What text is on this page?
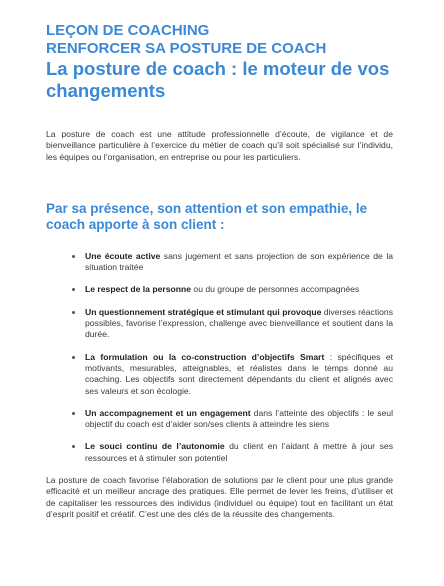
LEÇON DE COACHING
RENFORCER SA POSTURE DE COACH
La posture de coach : le moteur de vos changements

La posture de coach est une attitude professionnelle d’écoute, de vigilance et de bienveillance particulière à l’exercice du métier de coach qu’il soit spécialisé sur l’individu, les équipes ou l’organisation, en entreprise ou pour les particuliers.

Par sa présence, son attention et son empathie, le coach apporte à son client :
Une écoute active sans jugement et sans projection de son expérience de la situation traitée
Le respect de la personne ou du groupe de personnes accompagnées
Un questionnement stratégique et stimulant qui provoque diverses réactions possibles, favorise l’expression, challenge avec bienveillance et soutient dans la durée.
La formulation ou la co-construction d’objectifs Smart : spécifiques et motivants, mesurables, atteignables, et réalistes dans le temps donné au coaching. Les objectifs sont directement dépendants du client et alignés avec ses valeurs et son écologie.
Un accompagnement et un engagement dans l’atteinte des objectifs : le seul objectif du coach est d’aider son/ses clients à atteindre les siens
Le souci continu de l’autonomie du client en l’aidant à mettre à jour ses ressources et à stimuler son potentiel

La posture de coach favorise l’élaboration de solutions par le client pour une plus grande efficacité et un meilleur ancrage des pratiques. Elle permet de lever les freins, d’utiliser et de capitaliser les ressources des individus (individuel ou équipe) tout en facilitant un état d’esprit positif et créatif. C’est une des clés de la réussite des changements.
